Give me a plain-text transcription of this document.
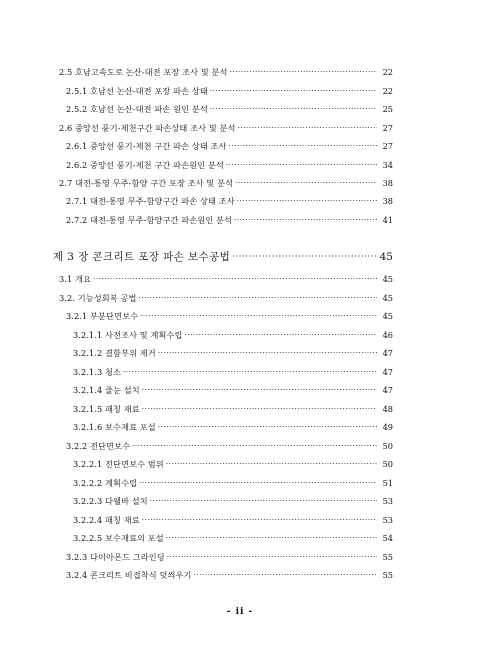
2.5 호남고속도로 논산-대전 포장 조사 및 분석 ·····	22
2.5.1 호남선 논산-대전 포장 파손 상태 ·····	22
2.5.2 호남선 논산-대전 파손 원인 분석 ·····	25
2.6 중앙선 풍기-제천구간 파손상태 조사 및 분석 ·····	27
2.6.1 중앙선 풍기-제천 구간 파손 상태 조사 ·····	27
2.6.2 중앙선 풍기-제천 구간 파손원인 분석 ·····	34
2.7 대전-통영 무주-함양 구간 포장 조사 및 분석 ·····	38
2.7.1 대전-통영 무주-함양구간 파손 상태 조사 ·····	38
2.7.2 대전-통영 무주-함양구간 파손원인 분석 ·····	41
제 3 장 콘크리트 포장 파손 보수공법 ·····	45
3.1 개요 ·····	45
3.2. 기능성회복 공법 ·····	45
3.2.1 부분단면보수 ·····	45
3.2.1.1 사전조사 및 계획수립 ·····	46
3.2.1.2 결함부위 제거 ·····	47
3.2.1.3 청소 ·····	47
3.2.1.4 줄눈 설치 ·····	47
3.2.1.5 패칭 재료 ·····	48
3.2.1.6 보수재료 포설 ·····	49
3.2.2 전단면보수 ·····	50
3.2.2.1 전단면보수 범위 ·····	50
3.2.2.2 계획수립 ·····	51
3.2.2.3 다웰바 설치 ·····	53
3.2.2.4 패칭 재료 ·····	53
3.2.2.5 보수재료의 포설 ·····	54
3.2.3 다이아몬드 그라인딩 ·····	55
3.2.4 콘크리트 비접착식 덧씌우기 ·····	55
- ii -
